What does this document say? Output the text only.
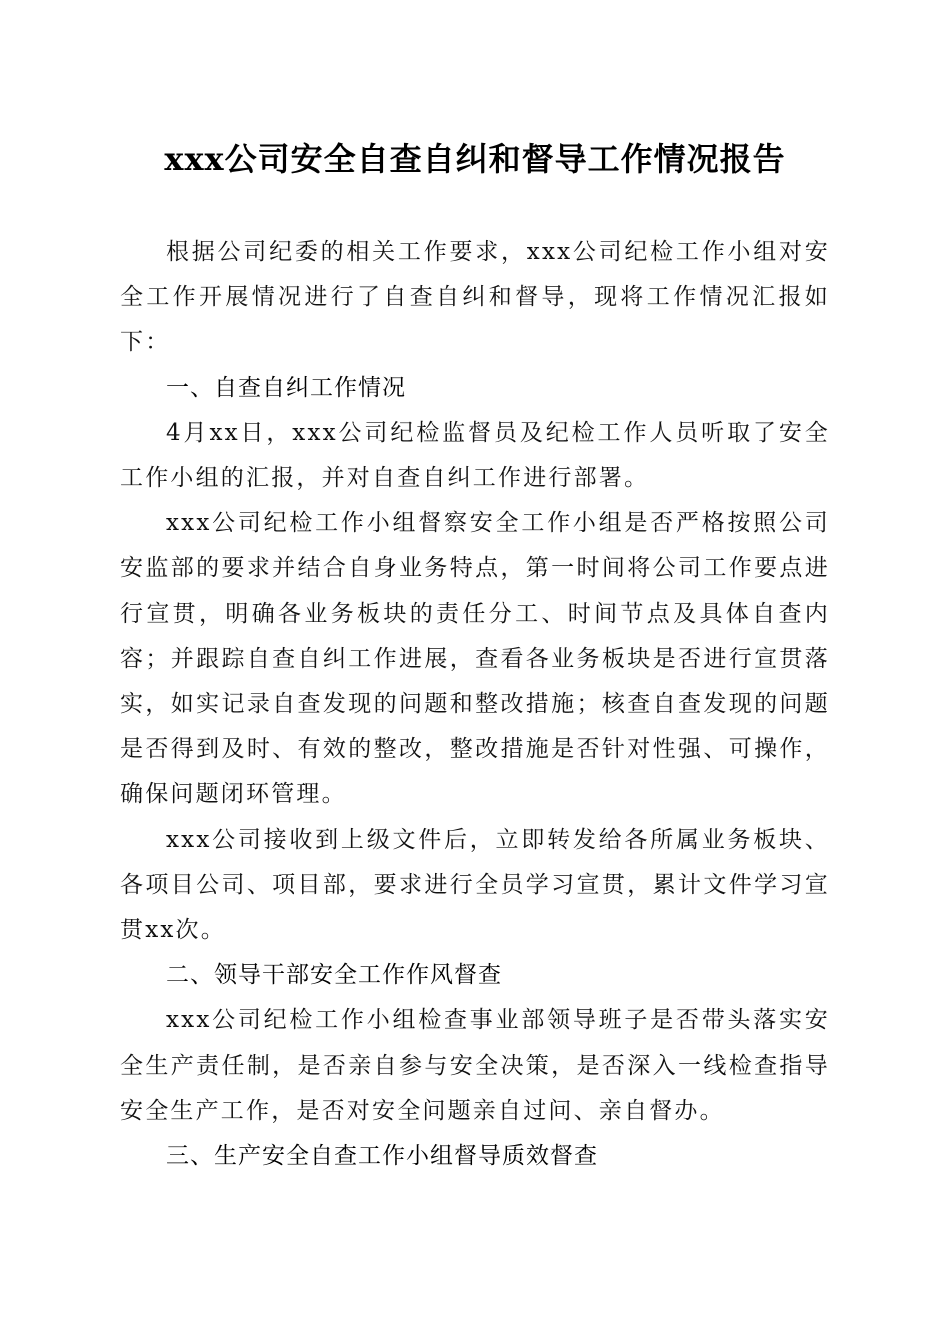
xxx公司安全自查自纠和督导工作情况报告

根据公司纪委的相关工作要求，xxx公司纪检工作小组对安全工作开展情况进行了自查自纠和督导，现将工作情况汇报如下：

一、自查自纠工作情况

4月xx日，xxx公司纪检监督员及纪检工作人员听取了安全工作小组的汇报，并对自查自纠工作进行部署。

xxx公司纪检工作小组督察安全工作小组是否严格按照公司安监部的要求并结合自身业务特点，第一时间将公司工作要点进行宣贯，明确各业务板块的责任分工、时间节点及具体自查内容；并跟踪自查自纠工作进展，查看各业务板块是否进行宣贯落实，如实记录自查发现的问题和整改措施；核查自查发现的问题是否得到及时、有效的整改，整改措施是否针对性强、可操作，确保问题闭环管理。

xxx公司接收到上级文件后，立即转发给各所属业务板块、各项目公司、项目部，要求进行全员学习宣贯，累计文件学习宣贯xx次。

二、领导干部安全工作作风督查

xxx公司纪检工作小组检查事业部领导班子是否带头落实安全生产责任制，是否亲自参与安全决策，是否深入一线检查指导安全生产工作，是否对安全问题亲自过问、亲自督办。

三、生产安全自查工作小组督导质效督查
